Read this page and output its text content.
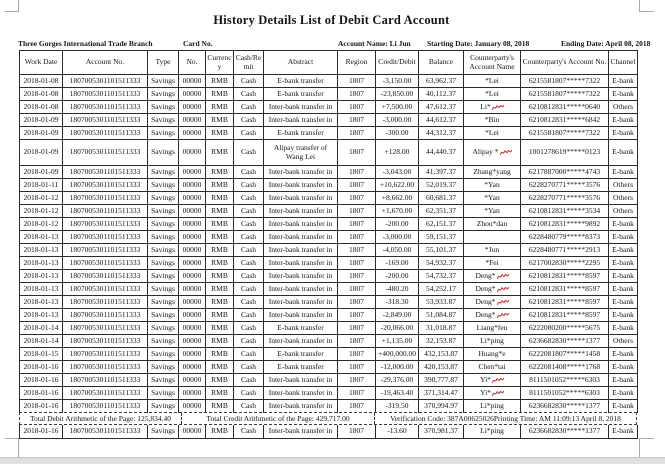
History Details List of Debit Card Account·
Three Gorges International Trade Branch	Card No.	Account Name: Li Jun Starting Date: January 08, 2018	Ending Date: April 08, 2018
Work Date	Account No.	Type	No.	Currency	Cash/Remit	Abstract	Region	Credit/Debit	Balance	Counterparty's Account Name	Counterparty's Account No.	Channel
2018-01-08	1807005301101511333	Savings	00000	RMB	Cash	E-bank transfer	1807	-3,150.00	63,962.37	*Lei	6215581807*****7322	E-bank
2018-01-08	1807005301101511333	Savings	00000	RMB	Cash	E-bank transfer	1807	-23,850.00	40,112.37	*Lei	6215581807*****7322	E-bank
2018-01-08	1807005301101511333	Savings	00000	RMB	Cash	Inter-bank transfer in	1807	+7,500.00	47,612.37	Li*	6210812831*****0640	Others
2018-01-09	1807005301101511333	Savings	00000	RMB	Cash	Inter-bank transfer in	1807	-3,000.00	44,612.37	*Bin	6210812831*****6842	E-bank
2018-01-09	1807005301101511333	Savings	00000	RMB	Cash	E-bank transfer	1807	-300.00	44,312.37	*Lei	6215581807*****7322	E-bank
2018-01-09	1807005301101511333	Savings	00000	RMB	Cash	Alipay transfer of Wang Lei	1807	+128.00	44,440.37	Alipay *	1001278619*****0123	E-bank
2018-01-09	1807005301101511333	Savings	00000	RMB	Cash	Inter-bank transfer in	1807	-3,043.00	41,397.37	Zhang*yang	6217887000*****4743	E-bank
2018-01-11	1807005301101511333	Savings	00000	RMB	Cash	Inter-bank transfer in	1807	+10,622.00	52,019.37	*Yan	6228270771*****3576	Others
2018-01-12	1807005301101511333	Savings	00000	RMB	Cash	Inter-bank transfer in	1807	+8,662.00	60,681.37	*Yan	6228270771*****3576	Others
2018-01-12	1807005301101511333	Savings	00000	RMB	Cash	Inter-bank transfer in	1807	+1,670.00	62,351.37	*Yan	6210812831*****3534	Others
2018-01-12	1807005301101511333	Savings	00000	RMB	Cash	Inter-bank transfer in	1807	-200.00	62,151.37	Zhou*dan	6210812831*****9892	E-bank
2018-01-13	1807005301101511333	Savings	00000	RMB	Cash	Inter-bank transfer in	1807	-3,000.00	59,151.37		6228480779*****8373	E-bank
2018-01-13	1807005301101511333	Savings	00000	RMB	Cash	Inter-bank transfer in	1807	-4,050.00	55,101.37	*Jun	6228480771*****2913	E-bank
2018-01-13	1807005301101511333	Savings	00000	RMB	Cash	Inter-bank transfer in	1807	-169.00	54,932.37	*Fei	6217002830*****2295	E-bank
2018-01-13	1807005301101511333	Savings	00000	RMB	Cash	Inter-bank transfer in	1807	-200.00	54,732.37	Deng*	6210812831*****8597	E-bank
2018-01-13	1807005301101511333	Savings	00000	RMB	Cash	Inter-bank transfer in	1807	-480.20	54,252.17	Deng*	6210812831*****8597	E-bank
2018-01-13	1807005301101511333	Savings	00000	RMB	Cash	Inter-bank transfer in	1807	-318.30	53,933.87	Deng*	6210812831*****8597	E-bank
2018-01-13	1807005301101511333	Savings	00000	RMB	Cash	Inter-bank transfer in	1807	-2,849.00	51,084.87	Deng*	6210812831*****8597	E-bank
2018-01-14	1807005301101511333	Savings	00000	RMB	Cash	E-bank transfer	1807	-20,066.00	31,018.87	Liang*fen	6222080200*****5675	E-bank
2018-01-14	1807005301101511333	Savings	00000	RMB	Cash	Inter-bank transfer in	1807	+1,135.00	32,153.87	Li*ping	6236682830*****1377	Others
2018-01-15	1807005301101511333	Savings	00000	RMB	Cash	E-bank transfer	1807	+400,000.00	432,153.87	Huang*e	6222081807*****1458	E-bank
2018-01-16	1807005301101511333	Savings	00000	RMB	Cash	E-bank transfer	1807	-12,000.00	420,153.87	Chen*tai	6222081408*****1768	E-bank
2018-01-16	1807005301101511333	Savings	00000	RMB	Cash	Inter-bank transfer in	1807	-29,376.00	390,777.87	Yi*	8111501052*****6303	E-bank
2018-01-16	1807005301101511333	Savings	00000	RMB	Cash	Inter-bank transfer in	1807	-19,463.40	371,314.47	Yi*	8111501052*****6303	E-bank
2018-01-16	1807005301101511333	Savings	00000	RMB	Cash	Inter-bank transfer in	1807	-319.50	370,994.97	Li*ping	6236682830*****1377	E-bank
Total Debit Arithmetic of the Page: 125,834.40	Total Credit Arithmetic of the Page: 429,717.00	Verification Code: 387A00625026 Printing Time: AM 11:09:13 April 8, 2018
2018-01-16	1807005301101511333	Savings	00000	RMB	Cash	Inter-bank transfer in	1807	-13.60	370,981.37	Li*ping	6236682830*****1377	E-bank
